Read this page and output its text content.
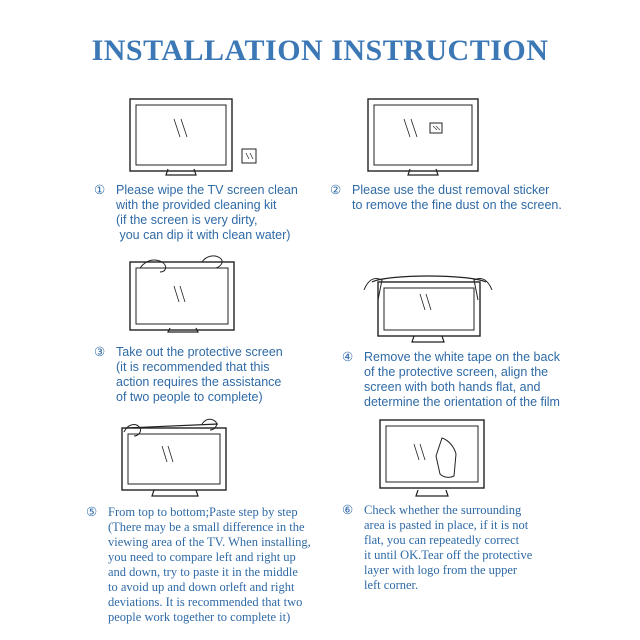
INSTALLATION INSTRUCTION
① Please wipe the TV screen clean
with the provided cleaning kit
(if the screen is very dirty,
you can dip it with clean water)
② Please use the dust removal sticker
to remove the fine dust on the screen.
③ Take out the protective screen
(it is recommended that this
action requires the assistance
of two people to complete)
④ Remove the white tape on the back
of the protective screen, align the
screen with both hands flat, and
determine the orientation of the film
⑤ From top to bottom;Paste step by step
(There may be a small difference in the
viewing area of the TV. When installing,
you need to compare left and right up
and down, try to paste it in the middle
to avoid up and down orleft and right
deviations. It is recommended that two
people work together to complete it)
⑥ Check whether the surrounding
area is pasted in place, if it is not
flat, you can repeatedly correct
it until OK.Tear off the protective
layer with logo from the upper
left corner.
